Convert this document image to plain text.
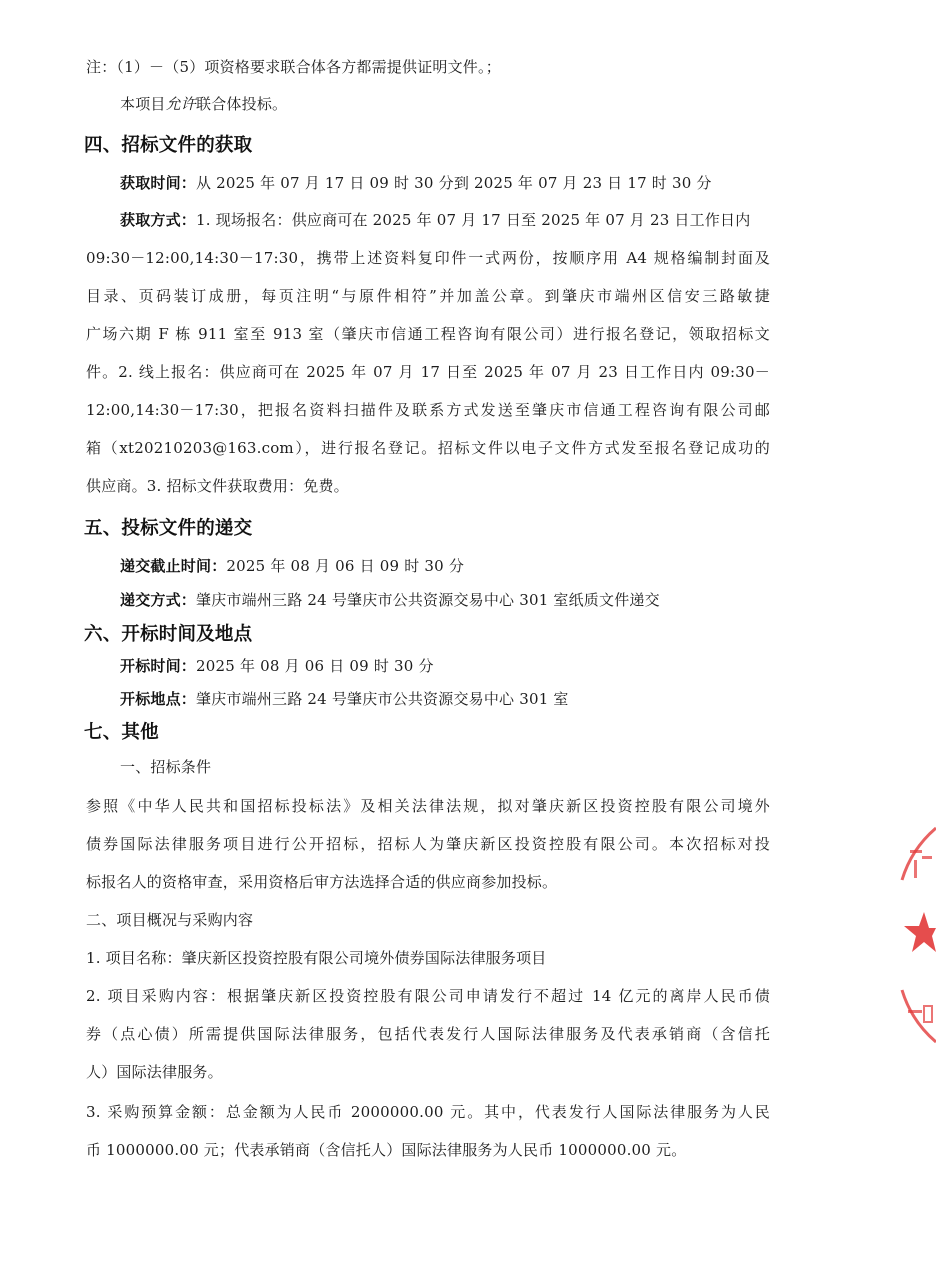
注：（1）－（5）项资格要求联合体各方都需提供证明文件。；
本项目允许联合体投标。
四、招标文件的获取
获取时间：从 2025 年 07 月 17 日 09 时 30 分到 2025 年 07 月 23 日 17 时 30 分
获取方式：1. 现场报名：供应商可在 2025 年 07 月 17 日至 2025 年 07 月 23 日工作日内
09:30－12:00,14:30－17:30，携带上述资料复印件一式两份，按顺序用 A4 规格编制封面及
目录、页码装订成册，每页注明“与原件相符”并加盖公章。到肇庆市端州区信安三路敏捷
广场六期 F 栋 911 室至 913 室（肇庆市信通工程咨询有限公司）进行报名登记，领取招标文
件。2. 线上报名：供应商可在 2025 年 07 月 17 日至 2025 年 07 月 23 日工作日内 09:30－
12:00,14:30－17:30，把报名资料扫描件及联系方式发送至肇庆市信通工程咨询有限公司邮
箱（xt20210203@163.com），进行报名登记。招标文件以电子文件方式发至报名登记成功的
供应商。3. 招标文件获取费用：免费。
五、投标文件的递交
递交截止时间：2025 年 08 月 06 日 09 时 30 分
递交方式：肇庆市端州三路 24 号肇庆市公共资源交易中心 301 室纸质文件递交
六、开标时间及地点
开标时间：2025 年 08 月 06 日 09 时 30 分
开标地点：肇庆市端州三路 24 号肇庆市公共资源交易中心 301 室
七、其他
一、招标条件
参照《中华人民共和国招标投标法》及相关法律法规，拟对肇庆新区投资控股有限公司境外
债券国际法律服务项目进行公开招标，招标人为肇庆新区投资控股有限公司。本次招标对投
标报名人的资格审查，采用资格后审方法选择合适的供应商参加投标。
二、项目概况与采购内容
1. 项目名称：肇庆新区投资控股有限公司境外债券国际法律服务项目
2. 项目采购内容：根据肇庆新区投资控股有限公司申请发行不超过 14 亿元的离岸人民币债
券（点心债）所需提供国际法律服务，包括代表发行人国际法律服务及代表承销商（含信托
人）国际法律服务。
3. 采购预算金额：总金额为人民币 2000000.00 元。其中，代表发行人国际法律服务为人民
币 1000000.00 元；代表承销商（含信托人）国际法律服务为人民币 1000000.00 元。
